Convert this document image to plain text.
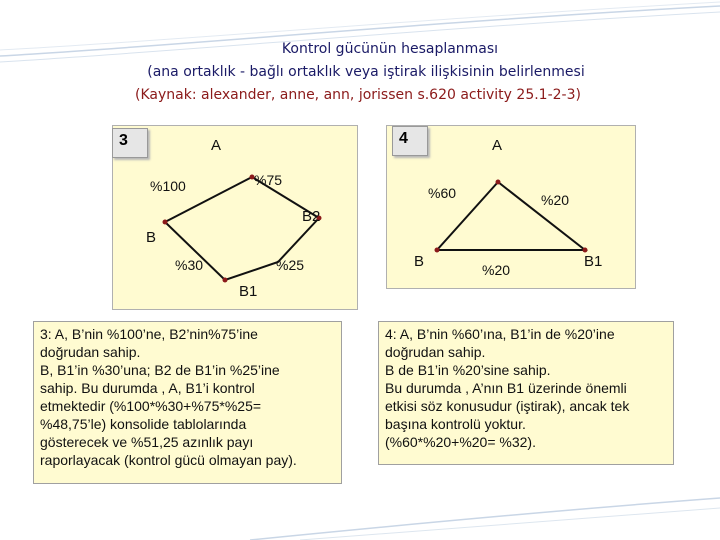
Kontrol gücünün hesaplanması
(ana ortaklık - bağlı ortaklık veya iştirak ilişkisinin belirlenmesi
(Kaynak: alexander, anne, ann, jorissen s.620 activity 25.1-2-3)
3	A
%100	%75
B2
B
%30	%25
B1
4	A
%60	%20
B	%20	B1
3: A, B’nin %100’ne, B2’nin%75’ine
doğrudan sahip.
B, B1’in %30’una; B2 de B1’in %25’ine
sahip. Bu durumda , A, B1’i kontrol
etmektedir (%100*%30+%75*%25=
%48,75’le) konsolide tablolarında
gösterecek ve %51,25 azınlık payı
raporlayacak (kontrol gücü olmayan pay).
4: A, B’nin %60’ına, B1’in de %20’ine
doğrudan sahip.
B de B1’in %20’sine sahip.
Bu durumda , A’nın B1 üzerinde önemli
etkisi söz konusudur (iştirak), ancak tek
başına kontrolü yoktur.
(%60*%20+%20= %32).
